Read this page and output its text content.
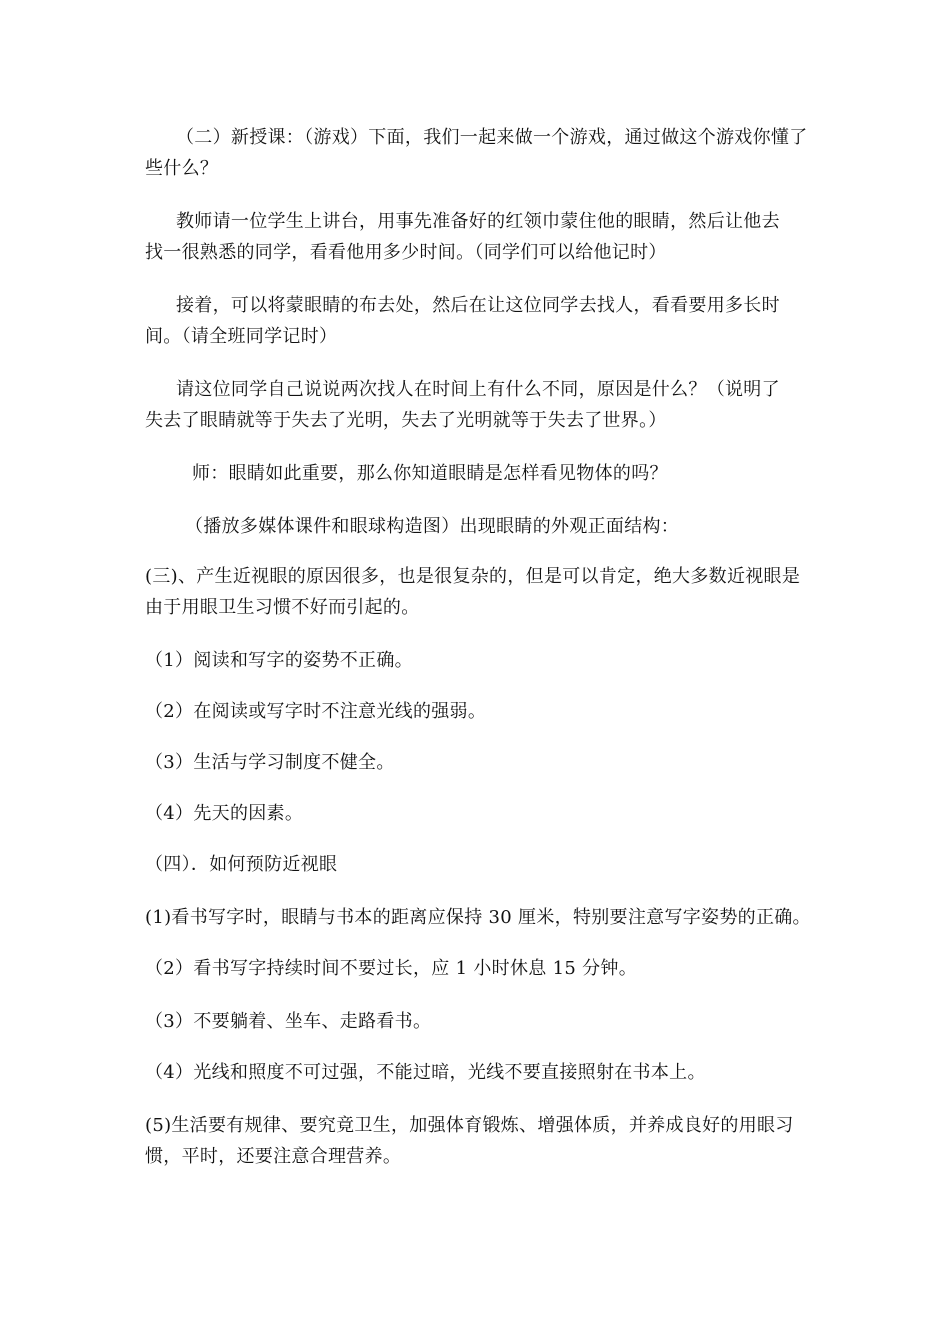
（二）新授课：（游戏）下面，我们一起来做一个游戏，通过做这个游戏你懂了
些什么？
教师请一位学生上讲台，用事先准备好的红领巾蒙住他的眼睛，然后让他去
找一很熟悉的同学，看看他用多少时间。（同学们可以给他记时）
接着，可以将蒙眼睛的布去处，然后在让这位同学去找人，看看要用多长时
间。（请全班同学记时）
请这位同学自己说说两次找人在时间上有什么不同，原因是什么？（说明了
失去了眼睛就等于失去了光明，失去了光明就等于失去了世界。）
师：眼睛如此重要，那么你知道眼睛是怎样看见物体的吗？
（播放多媒体课件和眼球构造图）出现眼睛的外观正面结构：
(三)、产生近视眼的原因很多，也是很复杂的，但是可以肯定，绝大多数近视眼是
由于用眼卫生习惯不好而引起的。
（1）阅读和写字的姿势不正确。
（2）在阅读或写字时不注意光线的强弱。
（3）生活与学习制度不健全。
（4）先天的因素。
（四）．如何预防近视眼
(1)看书写字时，眼睛与书本的距离应保持 30 厘米，特别要注意写字姿势的正确。
（2）看书写字持续时间不要过长，应 1 小时休息 15 分钟。
（3）不要躺着、坐车、走路看书。
（4）光线和照度不可过强，不能过暗，光线不要直接照射在书本上。
(5)生活要有规律、要究竟卫生，加强体育锻炼、增强体质，并养成良好的用眼习
惯，平时，还要注意合理营养。
